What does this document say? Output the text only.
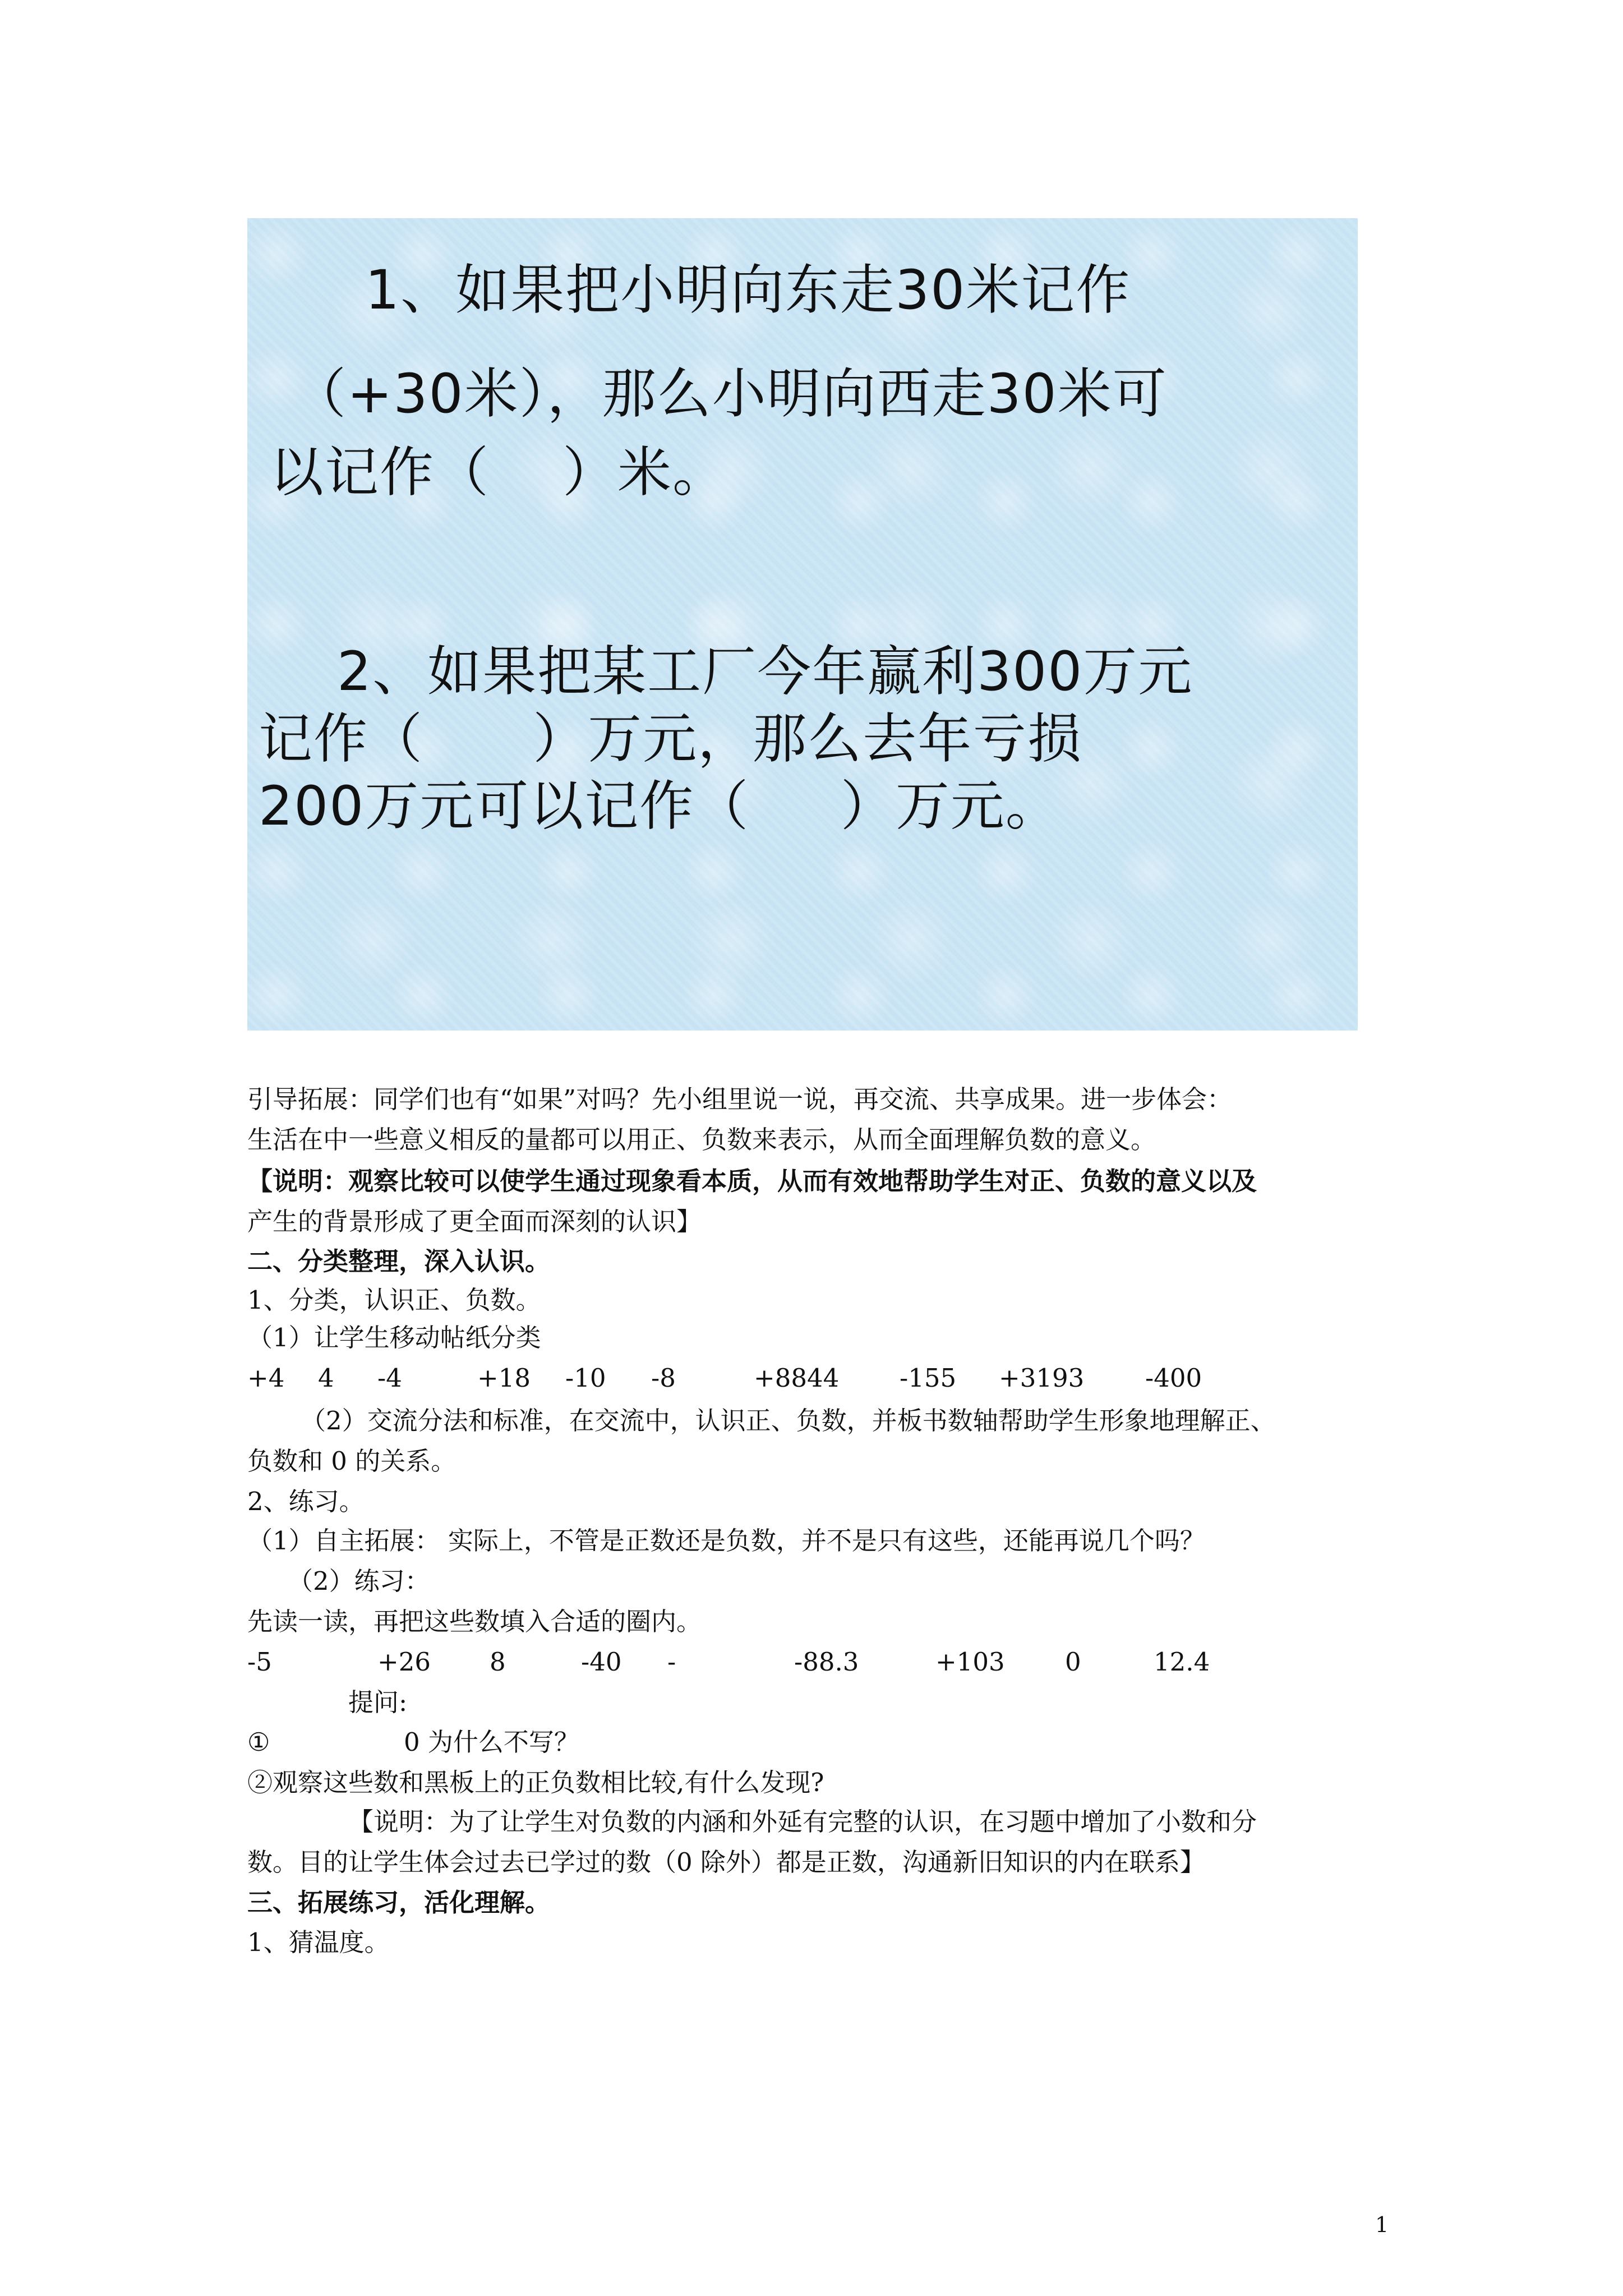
1、如果把小明向东走30米记作
（+30米），那么小明向西走30米可
以记作（    ）米。
2、如果把某工厂今年赢利300万元
记作（      ）万元，那么去年亏损
200万元可以记作（     ）万元。
引导拓展：同学们也有“如果”对吗？先小组里说一说，再交流、共享成果。进一步体会：
生活在中一些意义相反的量都可以用正、负数来表示，从而全面理解负数的意义。
【说明：观察比较可以使学生通过现象看本质，从而有效地帮助学生对正、负数的意义以及
产生的背景形成了更全面而深刻的认识】
二、分类整理，深入认识。
1、分类，认识正、负数。
（1）让学生移动帖纸分类
+4 4 -4	+18 -10 -8	+8844 -155 +3193 -400
（2）交流分法和标准，在交流中，认识正、负数，并板书数轴帮助学生形象地理解正、
负数和 0 的关系。
2、练习。
（1）自主拓展： 实际上，不管是正数还是负数，并不是只有这些，还能再说几个吗？
（2）练习：
先读一读，再把这些数填入合适的圈内。
-5	+26 8	-40 -	-88.3	+103 0	12.4
提问:
①	0 为什么不写？
②观察这些数和黑板上的正负数相比较,有什么发现?
【说明：为了让学生对负数的内涵和外延有完整的认识，在习题中增加了小数和分
数。目的让学生体会过去已学过的数（0 除外）都是正数，沟通新旧知识的内在联系】
三、拓展练习，活化理解。
1、猜温度。
1
